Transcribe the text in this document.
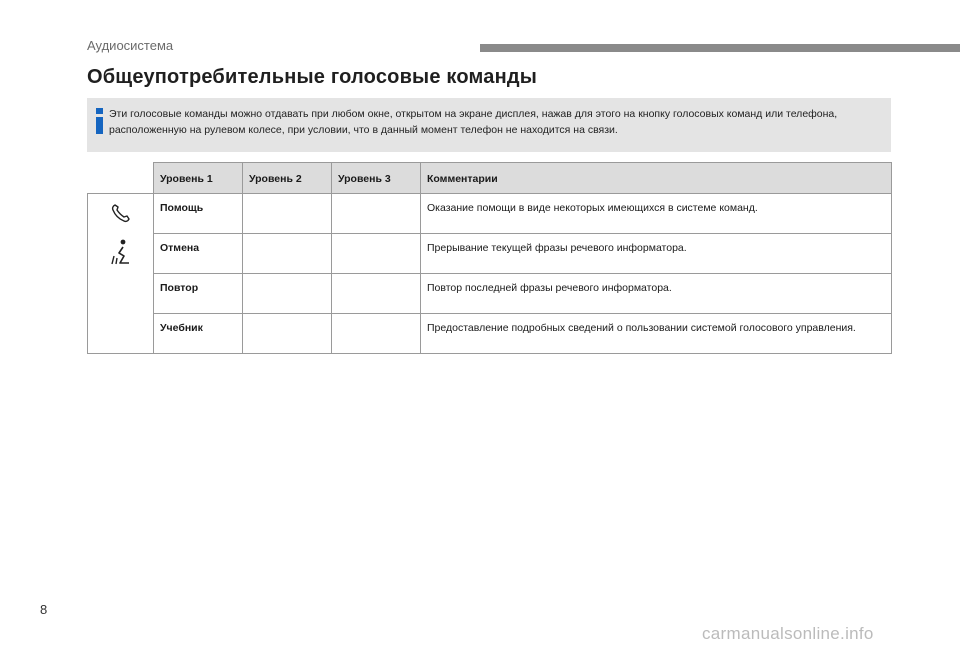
Аудиосистема
Общеупотребительные голосовые команды
Эти голосовые команды можно отдавать при любом окне, открытом на экране дисплея, нажав для этого на кнопку голосовых команд или телефона, расположенную на рулевом колесе, при условии, что в данный момент телефон не находится на связи.
	Уровень 1	Уровень 2	Уровень 3	Комментарии

	Помощь			Оказание помощи в виде некоторых имеющихся в системе команд.
	Отмена			Прерывание текущей фразы речевого информатора.
	Повтор			Повтор последней фразы речевого информатора.
	Учебник			Предоставление подробных сведений о пользовании системой голосового управления.
8
carmanualsonline.info
